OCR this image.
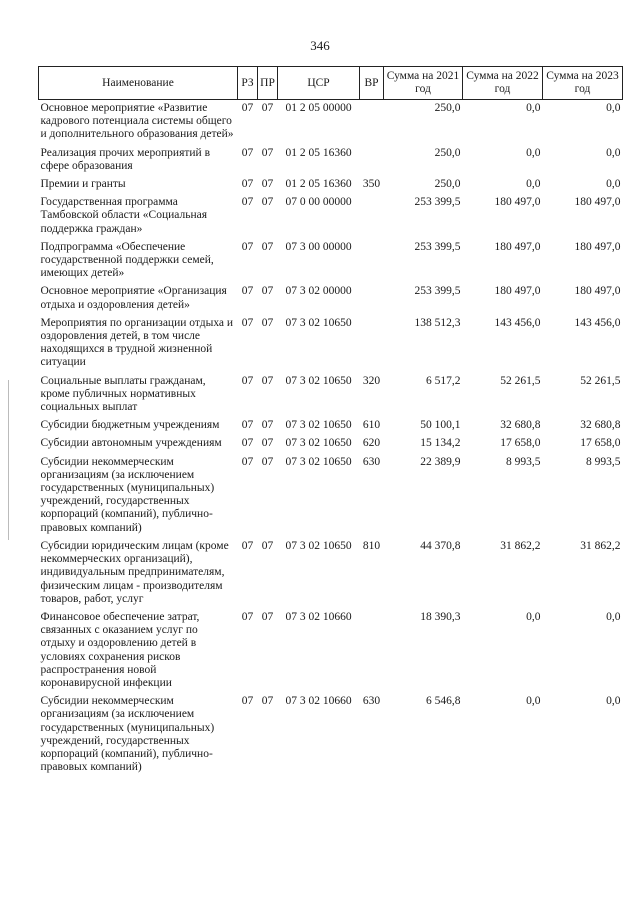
346
Наименование	РЗ	ПР	ЦСР	ВР	Сумма на 2021 год	Сумма на 2022 год	Сумма на 2023 год
Основное мероприятие «Развитие кадрового потенциала системы общего и дополнительного образования детей»	07	07	01 2 05 00000		250,0	0,0	0,0
Реализация прочих мероприятий в сфере образования	07	07	01 2 05 16360		250,0	0,0	0,0
Премии и гранты	07	07	01 2 05 16360	350	250,0	0,0	0,0
Государственная программа Тамбовской области «Социальная поддержка граждан»	07	07	07 0 00 00000		253 399,5	180 497,0	180 497,0
Подпрограмма «Обеспечение государственной поддержки семей, имеющих детей»	07	07	07 3 00 00000		253 399,5	180 497,0	180 497,0
Основное мероприятие «Организация отдыха и оздоровления детей»	07	07	07 3 02 00000		253 399,5	180 497,0	180 497,0
Мероприятия по организации отдыха и оздоровления детей, в том числе находящихся в трудной жизненной ситуации	07	07	07 3 02 10650		138 512,3	143 456,0	143 456,0
Социальные выплаты гражданам, кроме публичных нормативных социальных выплат	07	07	07 3 02 10650	320	6 517,2	52 261,5	52 261,5
Субсидии бюджетным учреждениям	07	07	07 3 02 10650	610	50 100,1	32 680,8	32 680,8
Субсидии автономным учреждениям	07	07	07 3 02 10650	620	15 134,2	17 658,0	17 658,0
Субсидии некоммерческим организациям (за исключением государственных (муниципальных) учреждений, государственных корпораций (компаний), публично-правовых компаний)	07	07	07 3 02 10650	630	22 389,9	8 993,5	8 993,5
Субсидии юридическим лицам (кроме некоммерческих организаций), индивидуальным предпринимателям, физическим лицам - производителям товаров, работ, услуг	07	07	07 3 02 10650	810	44 370,8	31 862,2	31 862,2
Финансовое обеспечение затрат, связанных с оказанием услуг по отдыху и оздоровлению детей в условиях сохранения рисков распространения новой коронавирусной инфекции	07	07	07 3 02 10660		18 390,3	0,0	0,0
Субсидии некоммерческим организациям (за исключением государственных (муниципальных) учреждений, государственных корпораций (компаний), публично-правовых компаний)	07	07	07 3 02 10660	630	6 546,8	0,0	0,0
